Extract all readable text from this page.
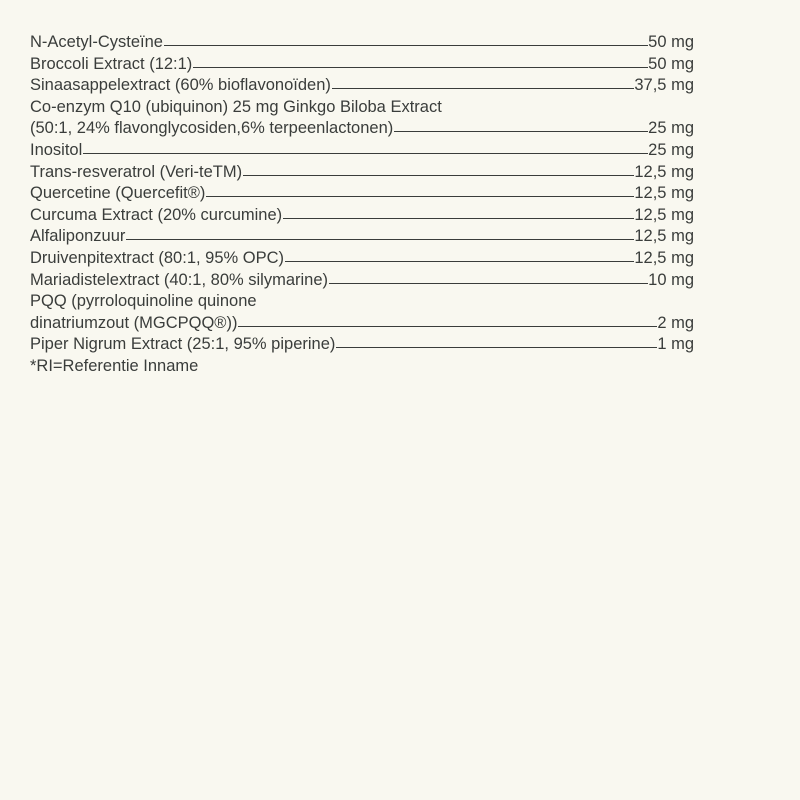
N-Acetyl-Cysteïne	50 mg
Broccoli Extract (12:1)	50 mg
Sinaasappelextract (60% bioflavonoïden)	37,5 mg
Co-enzym Q10 (ubiquinon) 25 mg Ginkgo Biloba Extract
(50:1, 24% flavonglycosiden,6% terpeenlactonen)	25 mg
Inositol	25 mg
Trans-resveratrol (Veri-teTM)	12,5 mg
Quercetine (Quercefit®)	12,5 mg
Curcuma Extract (20% curcumine)	12,5 mg
Alfaliponzuur	12,5 mg
Druivenpitextract (80:1, 95% OPC)	12,5 mg
Mariadistelextract (40:1, 80% silymarine)	10 mg
PQQ (pyrroloquinoline quinone
dinatriumzout (MGCPQQ®))	2 mg
Piper Nigrum Extract (25:1, 95% piperine)	1 mg
*RI=Referentie Inname
